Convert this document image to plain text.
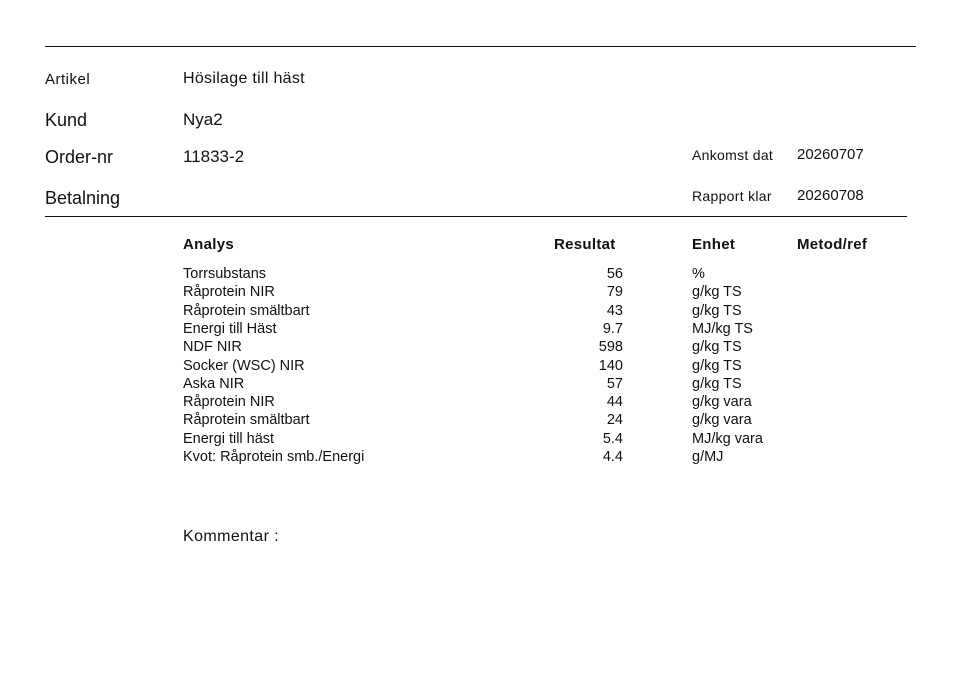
Artikel	Hösilage till häst
Kund	Nya2
Order-nr	11833-2
Betalning
Ankomst dat 20260707
Rapport klar 20260708
Analys	Resultat	Enhet	Metod/ref
Torrsubstans	56	%
Råprotein NIR	79	g/kg TS
Råprotein smältbart	43	g/kg TS
Energi till Häst	9.7	MJ/kg TS
NDF NIR	598	g/kg TS
Socker (WSC) NIR	140	g/kg TS
Aska NIR	57	g/kg TS
Råprotein NIR	44	g/kg vara
Råprotein smältbart	24	g/kg vara
Energi till häst	5.4	MJ/kg vara
Kvot: Råprotein smb./Energi	4.4	g/MJ
Kommentar :
